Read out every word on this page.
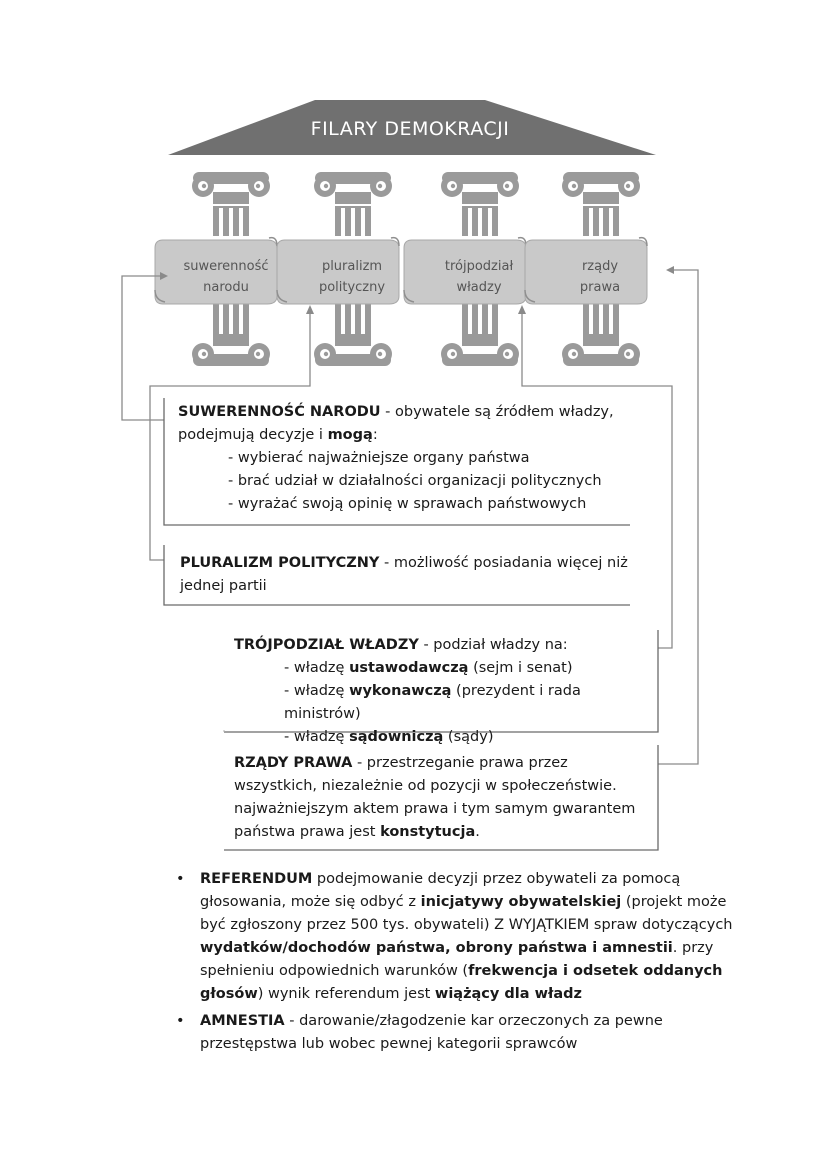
FILARY DEMOKRACJI
suwerenność
narodu
pluralizm
polityczny
trójpodział
władzy
rządy
prawa
SUWERENNOŚĆ NARODU - obywatele są źródłem władzy,
podejmują decyzje i mogą:
- wybierać najważniejsze organy państwa
- brać udział w działalności organizacji politycznych
- wyrażać swoją opinię w sprawach państwowych
PLURALIZM POLITYCZNY - możliwość posiadania więcej niż
jednej partii
TRÓJPODZIAŁ WŁADZY - podział władzy na:
- władzę ustawodawczą (sejm i senat)
- władzę wykonawczą (prezydent i rada ministrów)
- władzę sądowniczą (sądy)
RZĄDY PRAWA - przestrzeganie prawa przez
wszystkich, niezależnie od pozycji w społeczeństwie.
najważniejszym aktem prawa i tym samym gwarantem
państwa prawa jest konstytucja.
• REFERENDUM podejmowanie decyzji przez obywateli za pomocą głosowania, może się odbyć z inicjatywy obywatelskiej (projekt może być zgłoszony przez 500 tys. obywateli) Z WYJĄTKIEM spraw dotyczących wydatków/dochodów państwa, obrony państwa i amnestii. przy spełnieniu odpowiednich warunków (frekwencja i odsetek oddanych głosów) wynik referendum jest wiążący dla władz
• AMNESTIA - darowanie/złagodzenie kar orzeczonych za pewne przestępstwa lub wobec pewnej kategorii sprawców
